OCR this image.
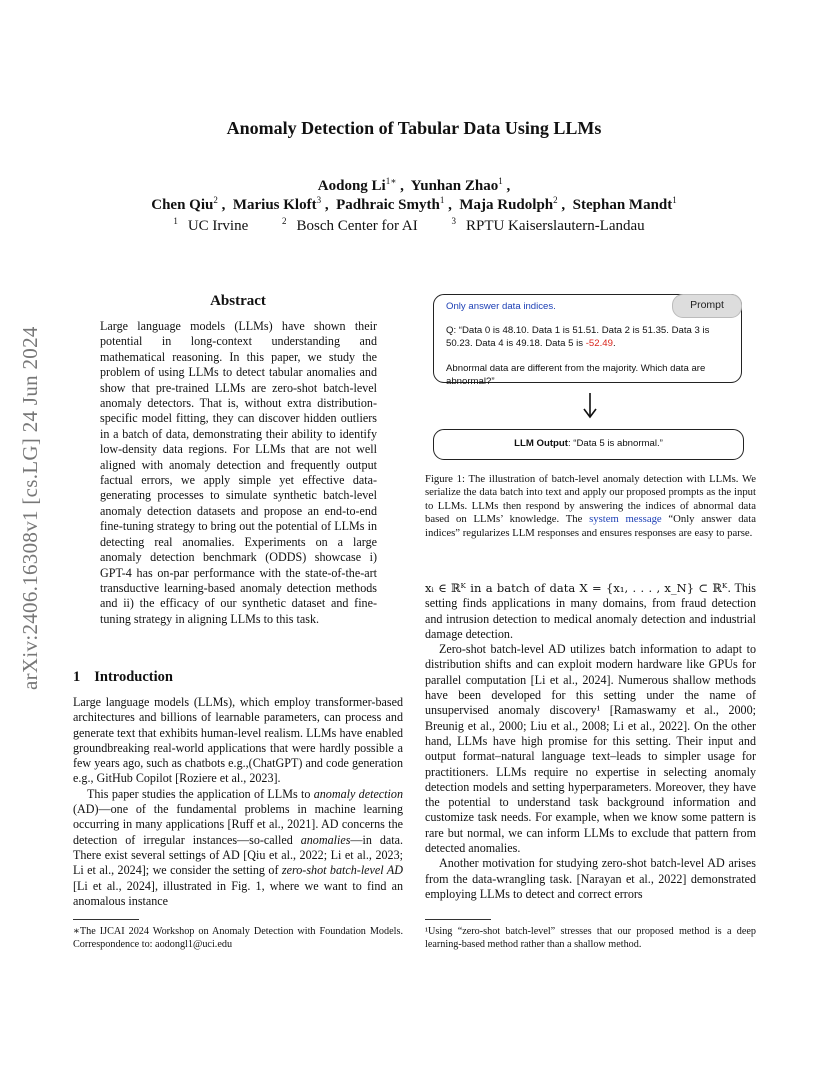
arXiv:2406.16308v1 [cs.LG] 24 Jun 2024
Anomaly Detection of Tabular Data Using LLMs
Aodong $Li^{1∗}$ ,  Yunhan Zhao$^1$ ,
Chen Qiu$^2$ ,  Marius Kloft$^3$ ,  Padhraic Smyth$^1$ ,  Maja Rudolph$^2$ ,  Stephan Mandt$^1$
$^1$ UC Irvine	$^2$ Bosch Center for AI	$^3$ RPTU Kaiserslautern-Landau
Abstract
Large language models (LLMs) have shown their potential in long-context understanding and mathematical reasoning. In this paper, we study the problem of using LLMs to detect tabular anomalies and show that pre-trained LLMs are zero-shot batch-level anomaly detectors. That is, without extra distribution-specific model fitting, they can discover hidden outliers in a batch of data, demonstrating their ability to identify low-density data regions. For LLMs that are not well aligned with anomaly detection and frequently output factual errors, we apply simple yet effective data-generating processes to simulate synthetic batch-level anomaly detection datasets and propose an end-to-end fine-tuning strategy to bring out the potential of LLMs in detecting real anomalies. Experiments on a large anomaly detection benchmark (ODDS) showcase i) GPT-4 has on-par performance with the state-of-the-art transductive learning-based anomaly detection methods and ii) the efficacy of our synthetic dataset and fine-tuning strategy in aligning LLMs to this task.
1 Introduction

Large language models (LLMs), which employ transformer-based architectures and billions of learnable parameters, can process and generate text that exhibits human-level realism. LLMs have enabled groundbreaking real-world applications that were hardly possible a few years ago, such as chatbots e.g.,(ChatGPT) and code generation e.g., GitHub Copilot [Roziere et al., 2023].

This paper studies the application of LLMs to anomaly detection (AD)—one of the fundamental problems in machine learning occurring in many applications [Ruff et al., 2021]. AD concerns the detection of irregular instances—so-called anomalies—in data. There exist several settings of AD [Qiu et al., 2022; Li et al., 2023; Li et al., 2024]; we consider the setting of zero-shot batch-level AD [Li et al., 2024], illustrated in Fig. 1, where we want to find an anomalous instance

∗The IJCAI 2024 Workshop on Anomaly Detection with Foundation Models. Correspondence to: aodongl1@uci.edu
Prompt
Only answer data indices.
Q: “Data 0 is 48.10. Data 1 is 51.51. Data 2 is 51.35. Data 3 is 50.23. Data 4 is 49.18. Data 5 is -52.49.
Abnormal data are different from the majority. Which data are abnormal?”
LLM Output: “Data 5 is abnormal.”
Figure 1: The illustration of batch-level anomaly detection with LLMs. We serialize the data batch into text and apply our proposed prompts as the input to LLMs. LLMs then respond by answering the indices of abnormal data based on LLMs’ knowledge. The system message “Only answer data indices” regularizes LLM responses and ensures responses are easy to parse.

xᵢ ∈ ℝᴷ in a batch of data X = {x₁, . . . , x_N} ⊂ ℝᴷ. This setting finds applications in many domains, from fraud detection and intrusion detection to medical anomaly detection and industrial damage detection.

Zero-shot batch-level AD utilizes batch information to adapt to distribution shifts and can exploit modern hardware like GPUs for parallel computation [Li et al., 2024]. Numerous shallow methods have been developed for this setting under the name of unsupervised anomaly discovery¹ [Ramaswamy et al., 2000; Breunig et al., 2000; Liu et al., 2008; Li et al., 2022]. On the other hand, LLMs have high promise for this setting. Their input and output format–natural language text–leads to simpler usage for practitioners. LLMs require no expertise in selecting anomaly detection models and setting hyperparameters. Moreover, they have the potential to understand task background information and customize task needs. For example, when we know some pattern is rare but normal, we can inform LLMs to exclude that pattern from detected anomalies.

Another motivation for studying zero-shot batch-level AD arises from the data-wrangling task. [Narayan et al., 2022] demonstrated employing LLMs to detect and correct errors

¹Using “zero-shot batch-level” stresses that our proposed method is a deep learning-based method rather than a shallow method.
